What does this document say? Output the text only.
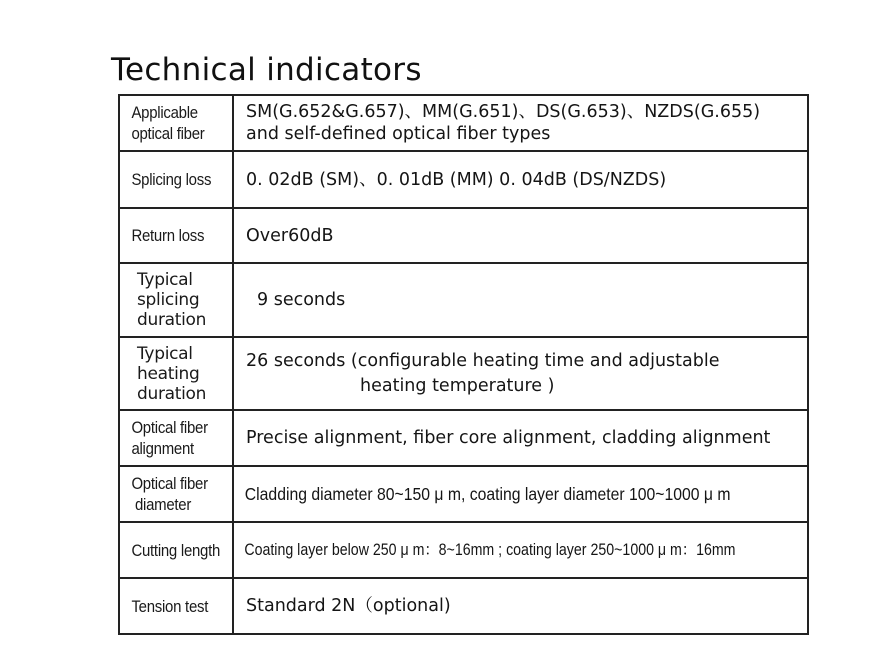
Technical indicators
Applicable
optical fiber	SM(G.652&G.657)、MM(G.651)、DS(G.653)、NZDS(G.655)
and self-defined optical fiber types

Splicing loss	0. 02dB (SM)、0. 01dB (MM) 0. 04dB (DS/NZDS)

Return loss	Over60dB

Typical
splicing
duration	9 seconds

Typical
heating
duration	26 seconds (configurable heating time and adjustable
heating temperature )

Optical fiber
alignment	Precise alignment, fiber core alignment, cladding alignment

Optical fiber
diameter	Cladding diameter 80~150 μ m, coating layer diameter 100~1000 μ m

Cutting length	Coating layer below 250 μ m：8~16mm ; coating layer 250~1000 μ m：16mm

Tension test	Standard 2N（optional)
